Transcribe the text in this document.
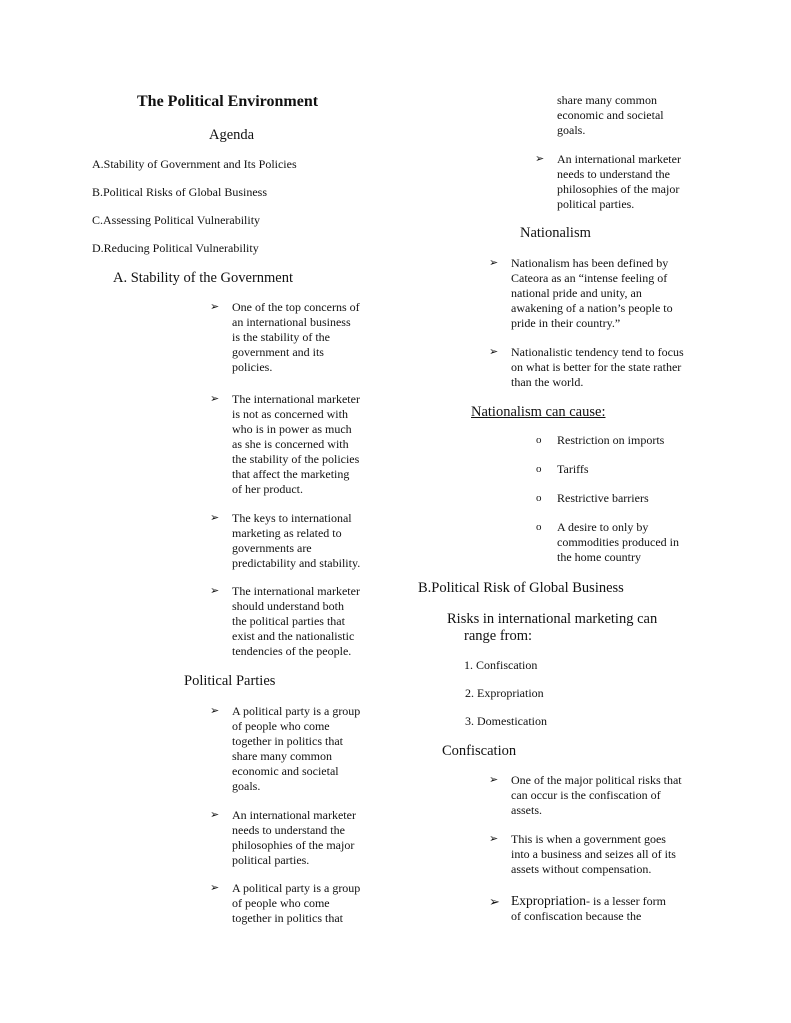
The Political Environment
Agenda
A.Stability of Government and Its Policies
B.Political Risks of Global Business
C.Assessing Political Vulnerability
D.Reducing Political Vulnerability
A. Stability of the Government
➢ One of the top concerns of
an international business
is the stability of the
government and its
policies.
➢ The international marketer
is not as concerned with
who is in power as much
as she is concerned with
the stability of the policies
that affect the marketing
of her product.
➢ The keys to international
marketing as related to
governments are
predictability and stability.
➢ The international marketer
should understand both
the political parties that
exist and the nationalistic
tendencies of the people.
Political Parties
➢ A political party is a group
of people who come
together in politics that
share many common
economic and societal
goals.
➢ An international marketer
needs to understand the
philosophies of the major
political parties.
➢ A political party is a group
of people who come
together in politics that
share many common
economic and societal
goals.
➢ An international marketer
needs to understand the
philosophies of the major
political parties.
Nationalism
➢ Nationalism has been defined by
Cateora as an “intense feeling of
national pride and unity, an
awakening of a nation’s people to
pride in their country.”
➢ Nationalistic tendency tend to focus
on what is better for the state rather
than the world.
Nationalism can cause:
o Restriction on imports
o Tariffs
o Restrictive barriers
o A desire to only by
commodities produced in
the home country
B.Political Risk of Global Business
Risks in international marketing can
range from:
1. Confiscation
2. Expropriation
3. Domestication
Confiscation
➢ One of the major political risks that
can occur is the confiscation of
assets.
➢ This is when a government goes
into a business and seizes all of its
assets without compensation.
➢ Expropriation- is a lesser form
of confiscation because the
